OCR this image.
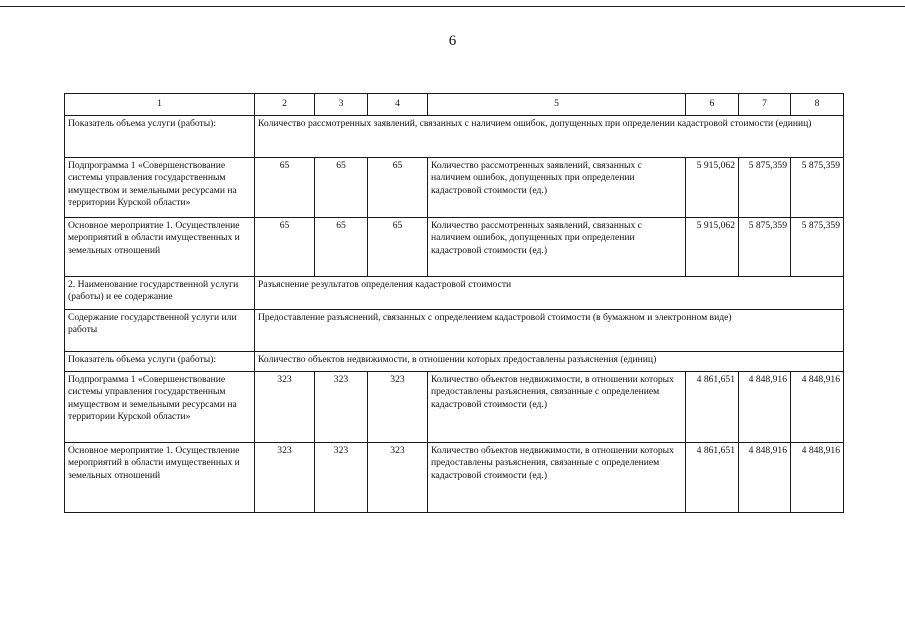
6
1	2	3	4	5	6	7	8
Показатель объема услуги (работы):	Количество рассмотренных заявлений, связанных с наличием ошибок, допущенных при определении кадастровой стоимости (единиц)						
Подпрограмма 1 «Совершенствование системы управления государственным имуществом и земельными ресурсами на территории Курской области»	65	65	65	Количество рассмотренных заявлений, связанных с наличием ошибок, допущенных при определении кадастровой стоимости (ед.)	5 915,062	5 875,359	5 875,359
Основное мероприятие 1. Осуществление мероприятий в области имущественных и земельных отношений	65	65	65	Количество рассмотренных заявлений, связанных с наличием ошибок, допущенных при определении кадастровой стоимости (ед.)	5 915,062	5 875,359	5 875,359
2. Наименование государственной услуги (работы) и ее содержание	Разъяснение результатов определения кадастровой стоимости						
Содержание государственной услуги или работы	Предоставление разъяснений, связанных с определением кадастровой стоимости (в бумажном и электронном виде)						
Показатель объема услуги (работы):	Количество объектов недвижимости, в отношении которых предоставлены разъяснения (единиц)						
Подпрограмма 1 «Совершенствование системы управления государственным имуществом и земельными ресурсами на территории Курской области»	323	323	323	Количество объектов недвижимости, в отношении которых предоставлены разъяснения, связанные с определением кадастровой стоимости (ед.)	4 861,651	4 848,916	4 848,916
Основное мероприятие 1. Осуществление мероприятий в области имущественных и земельных отношений	323	323	323	Количество объектов недвижимости, в отношении которых предоставлены разъяснения, связанные с определением кадастровой стоимости (ед.)	4 861,651	4 848,916	4 848,916
